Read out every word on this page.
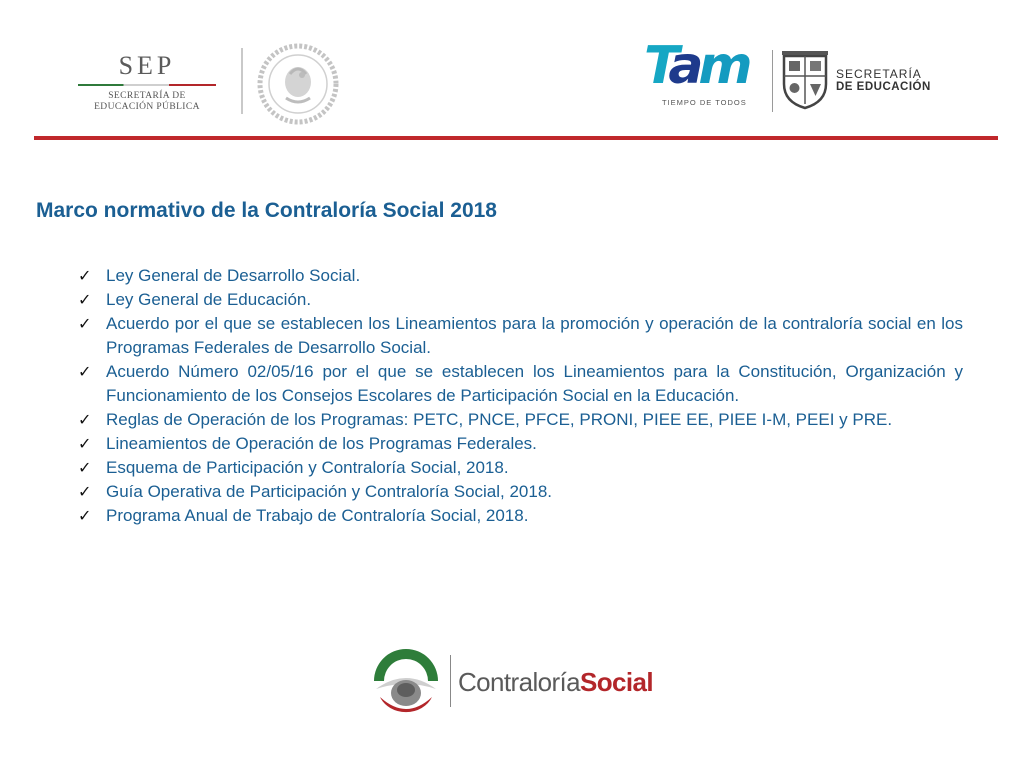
SEP
SECRETARÍA DE
EDUCACIÓN PÚBLICA
Tam
TIEMPO DE TODOS
SECRETARÍA
DE EDUCACIÓN
Marco normativo de la Contraloría Social 2018
✓ Ley General de Desarrollo Social.
✓ Ley General de Educación.
✓ Acuerdo por el que se establecen los Lineamientos para la promoción y operación de la contraloría social en los Programas Federales de Desarrollo Social.
✓ Acuerdo Número 02/05/16 por el que se establecen los Lineamientos para la Constitución, Organización y Funcionamiento de los Consejos Escolares de Participación Social en la Educación.
✓ Reglas de Operación de los Programas: PETC, PNCE, PFCE, PRONI, PIEE EE, PIEE I-M, PEEI y PRE.
✓ Lineamientos de Operación de los Programas Federales.
✓ Esquema de Participación y Contraloría Social, 2018.
✓ Guía Operativa de Participación y Contraloría Social, 2018.
✓ Programa Anual de Trabajo de Contraloría Social, 2018.
ContraloríaSocial
